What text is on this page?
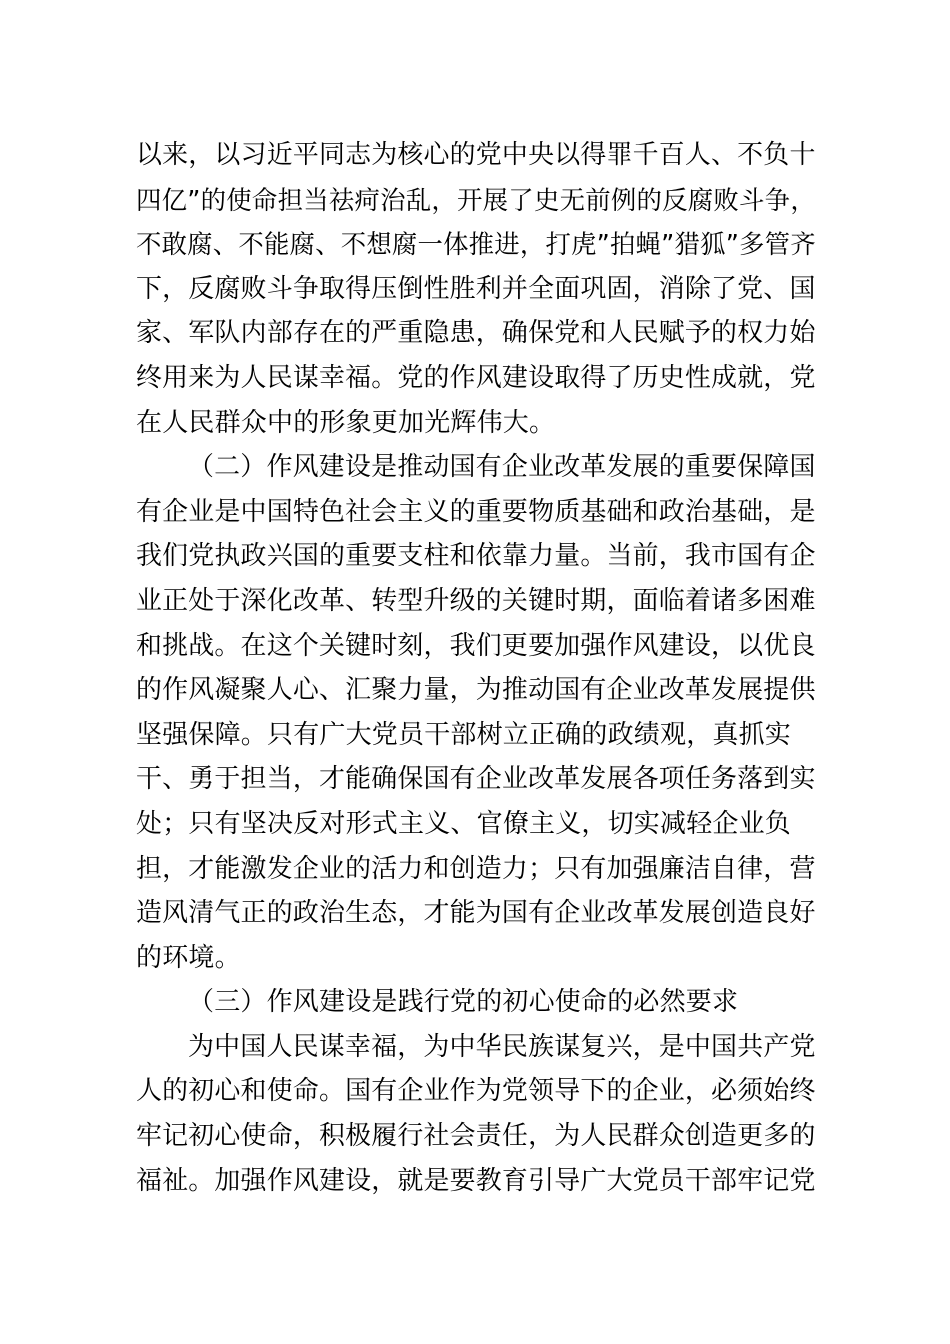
以来，以习近平同志为核心的党中央以得罪千百人、不负十
四亿”的使命担当祛疴治乱，开展了史无前例的反腐败斗争，
不敢腐、不能腐、不想腐一体推进，打虎”拍蝇”猎狐”多管齐
下，反腐败斗争取得压倒性胜利并全面巩固，消除了党、国
家、军队内部存在的严重隐患，确保党和人民赋予的权力始
终用来为人民谋幸福。党的作风建设取得了历史性成就，党
在人民群众中的形象更加光辉伟大。
（二）作风建设是推动国有企业改革发展的重要保障国
有企业是中国特色社会主义的重要物质基础和政治基础，是
我们党执政兴国的重要支柱和依靠力量。当前，我市国有企
业正处于深化改革、转型升级的关键时期，面临着诸多困难
和挑战。在这个关键时刻，我们更要加强作风建设，以优良
的作风凝聚人心、汇聚力量，为推动国有企业改革发展提供
坚强保障。只有广大党员干部树立正确的政绩观，真抓实
干、勇于担当，才能确保国有企业改革发展各项任务落到实
处；只有坚决反对形式主义、官僚主义，切实减轻企业负
担，才能激发企业的活力和创造力；只有加强廉洁自律，营
造风清气正的政治生态，才能为国有企业改革发展创造良好
的环境。
（三）作风建设是践行党的初心使命的必然要求
为中国人民谋幸福，为中华民族谋复兴，是中国共产党
人的初心和使命。国有企业作为党领导下的企业，必须始终
牢记初心使命，积极履行社会责任，为人民群众创造更多的
福祉。加强作风建设，就是要教育引导广大党员干部牢记党
